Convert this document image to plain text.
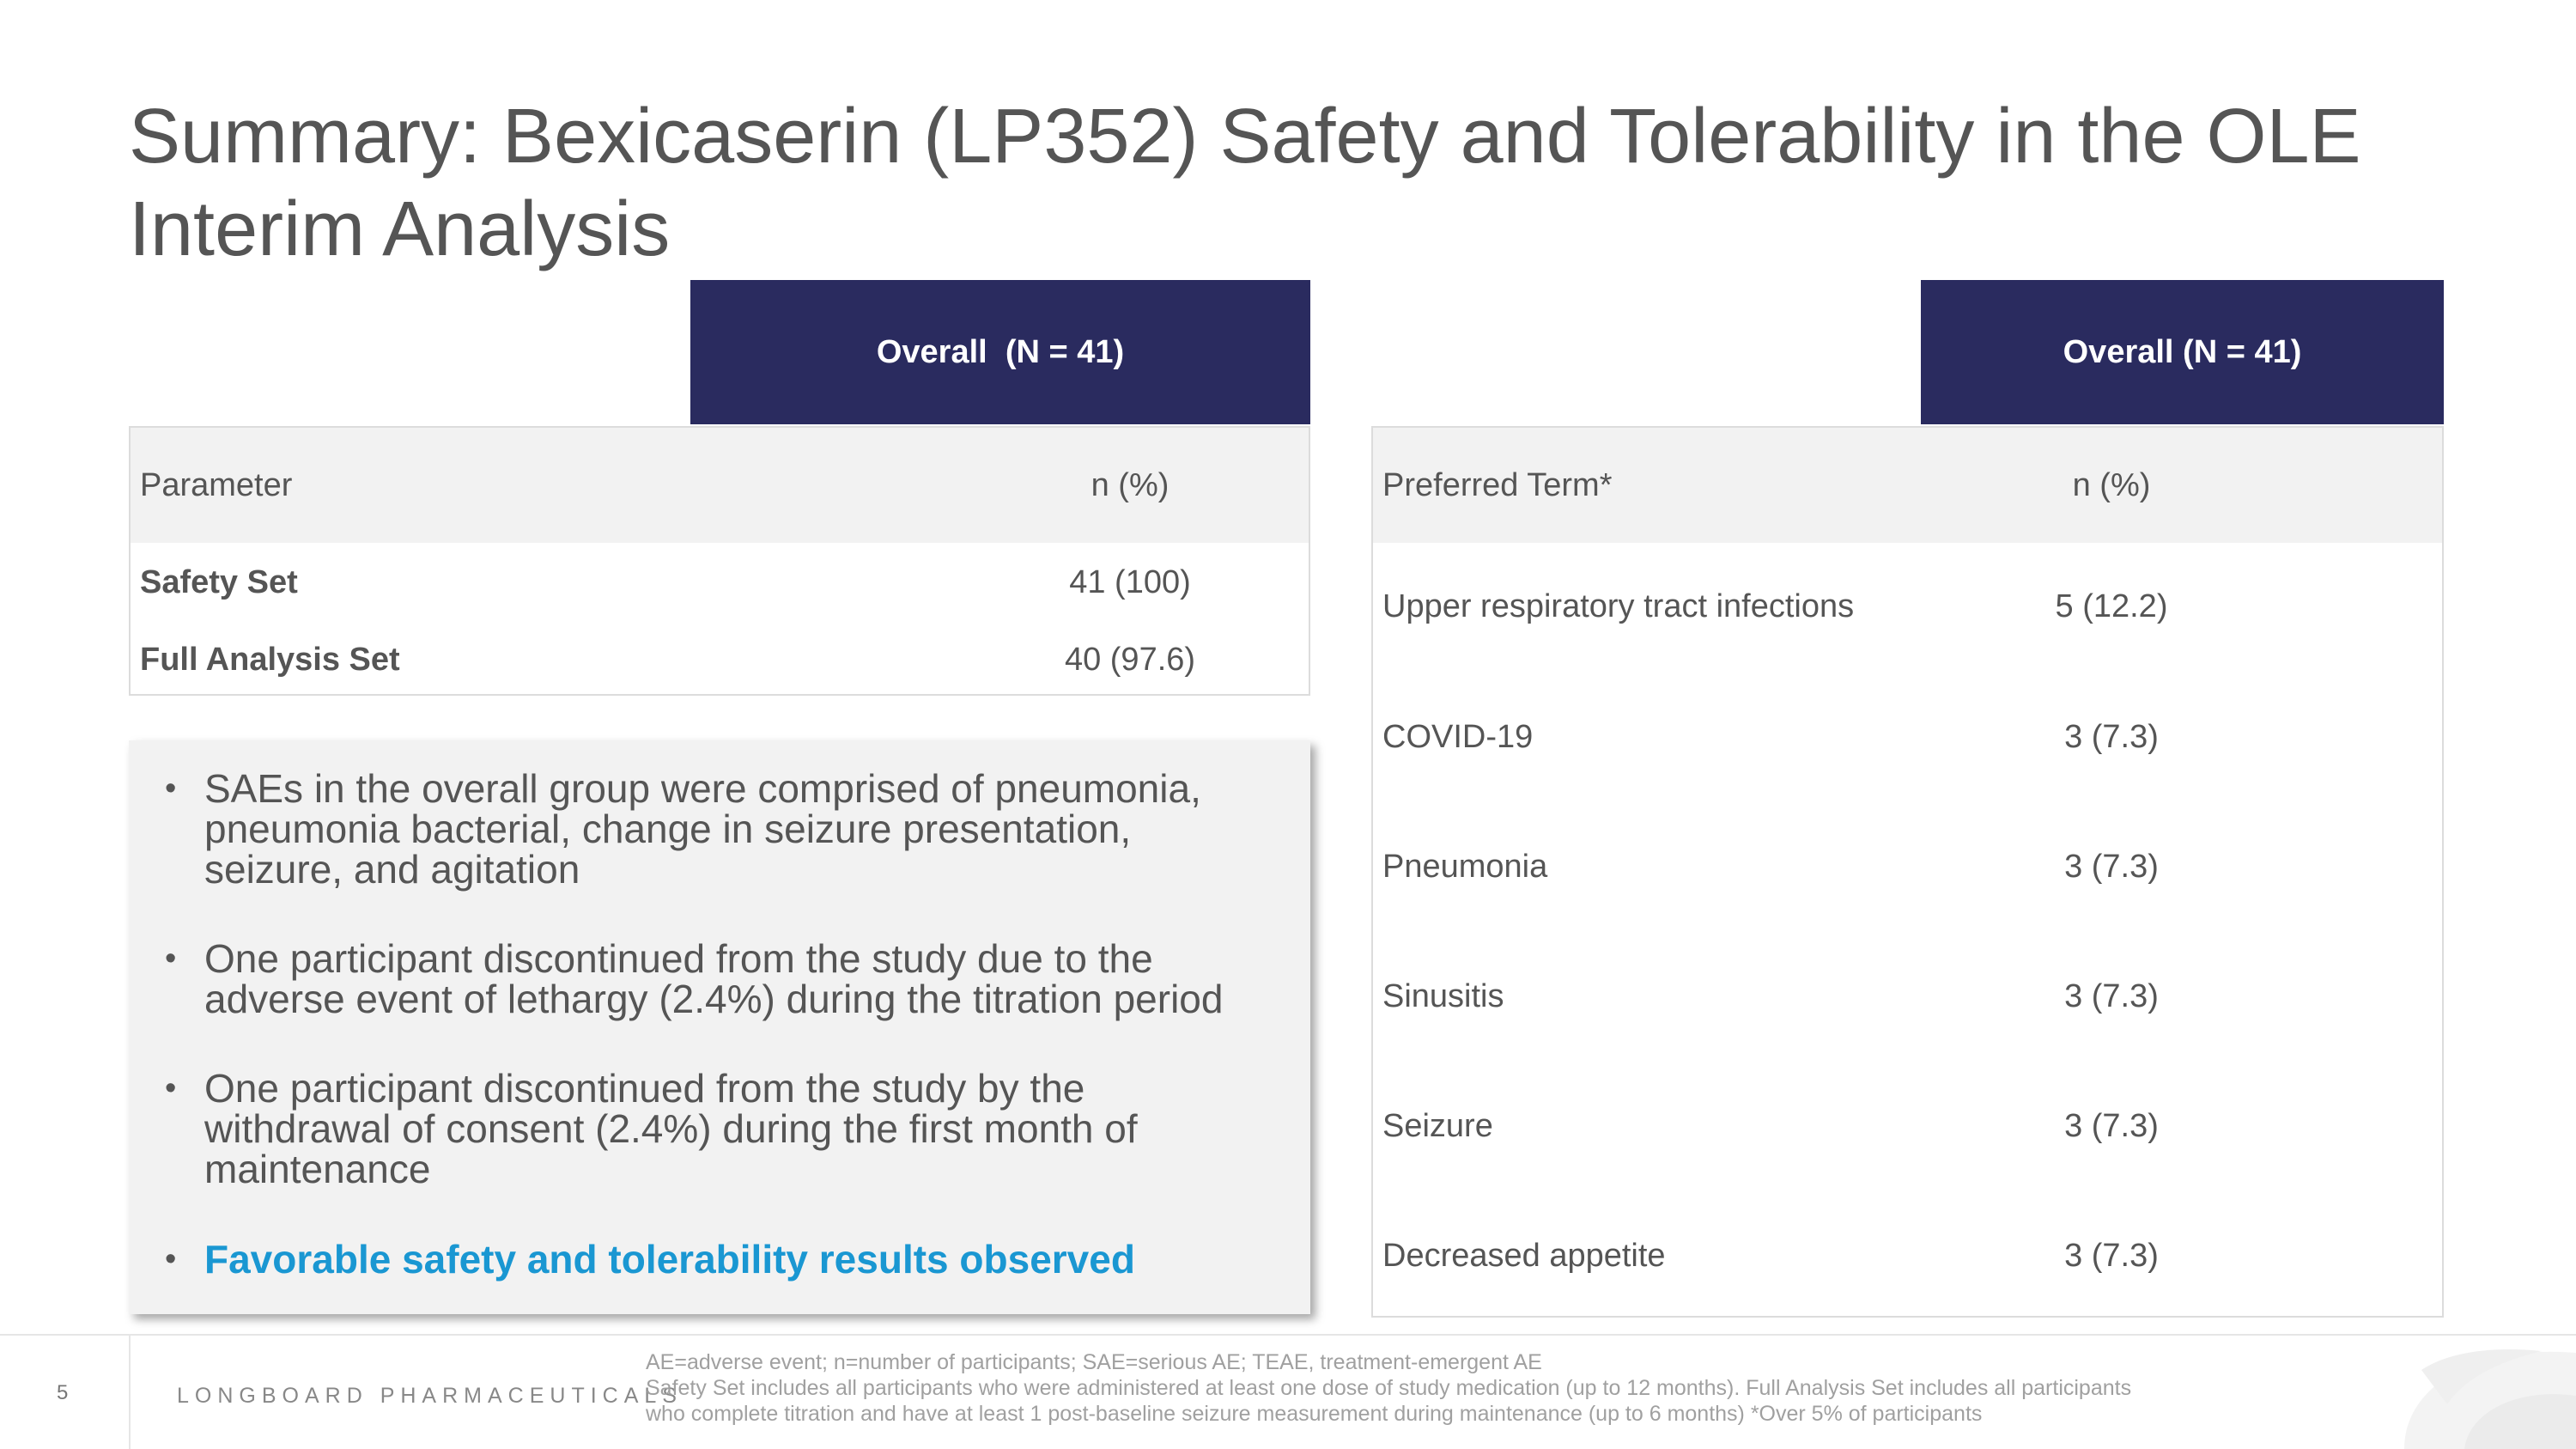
Summary: Bexicaserin (LP352) Safety and Tolerability in the OLE
Interim Analysis
Overall  (N = 41)
Parameter	n (%)
Safety Set	41 (100)
Full Analysis Set	40 (97.6)
• SAEs in the overall group were comprised of pneumonia,
pneumonia bacterial, change in seizure presentation,
seizure, and agitation
• One participant discontinued from the study due to the
adverse event of lethargy (2.4%) during the titration period
• One participant discontinued from the study by the
withdrawal of consent (2.4%) during the first month of
maintenance
• Favorable safety and tolerability results observed
Overall (N = 41)
Preferred Term*	n (%)
Upper respiratory tract infections	5 (12.2)
COVID-19	3 (7.3)
Pneumonia	3 (7.3)
Sinusitis	3 (7.3)
Seizure	3 (7.3)
Decreased appetite	3 (7.3)
5	LONGBOARD PHARMACEUTICALS
AE=adverse event; n=number of participants; SAE=serious AE; TEAE, treatment-emergent AE
Safety Set includes all participants who were administered at least one dose of study medication (up to 12 months). Full Analysis Set includes all participants
who complete titration and have at least 1 post-baseline seizure measurement during maintenance (up to 6 months) *Over 5% of participants
